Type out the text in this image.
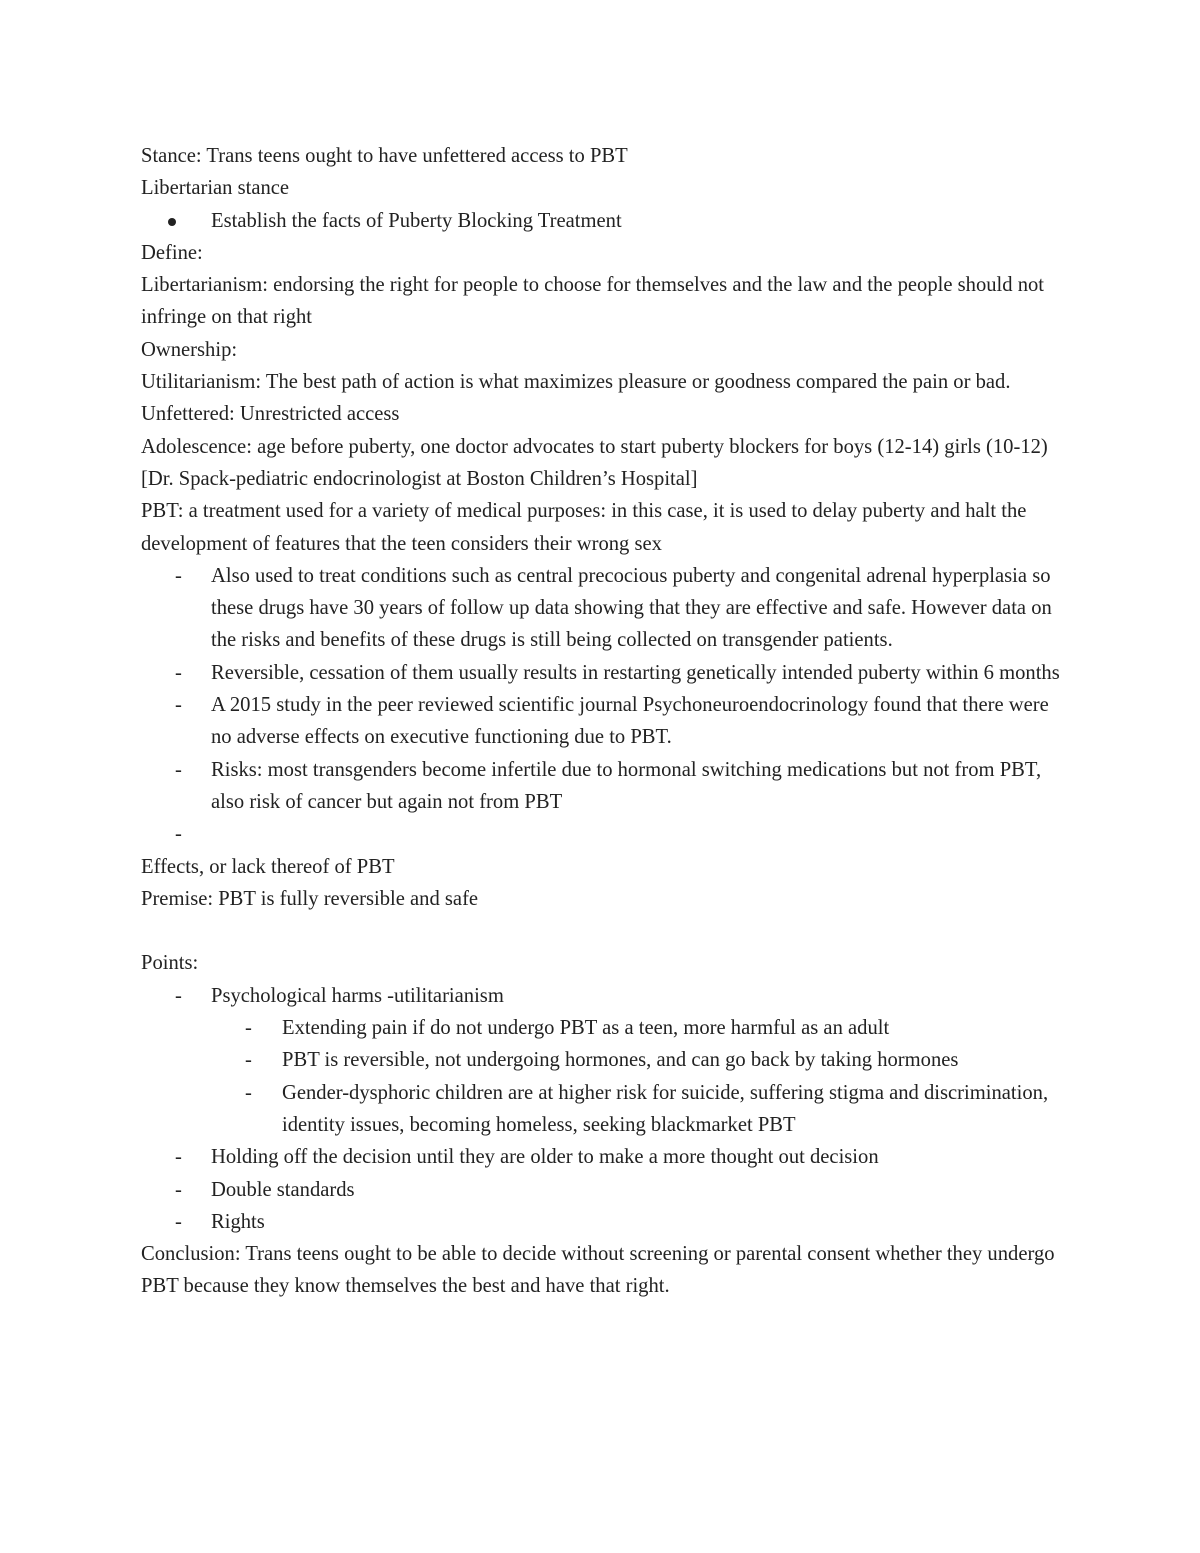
Stance: Trans teens ought to have unfettered access to PBT

Libertarian stance

Establish the facts of Puberty Blocking Treatment

Define:

Libertarianism: endorsing the right for people to choose for themselves and the law and the people should not infringe on that right

Ownership:

Utilitarianism: The best path of action is what maximizes pleasure or goodness compared the pain or bad.

Unfettered: Unrestricted access

Adolescence: age before puberty, one doctor advocates to start puberty blockers for boys (12-14) girls (10-12) [Dr. Spack-pediatric endocrinologist at Boston Children’s Hospital]

PBT: a treatment used for a variety of medical purposes: in this case, it is used to delay puberty and halt the development of features that the teen considers their wrong sex

-	Also used to treat conditions such as central precocious puberty and congenital adrenal hyperplasia so these drugs have 30 years of follow up data showing that they are effective and safe. However data on the risks and benefits of these drugs is still being collected on transgender patients.
-	Reversible, cessation of them usually results in restarting genetically intended puberty within 6 months
-	A 2015 study in the peer reviewed scientific journal Psychoneuroendocrinology found that there were no adverse effects on executive functioning due to PBT.
-	Risks: most transgenders become infertile due to hormonal switching medications but not from PBT, also risk of cancer but again not from PBT
-

Effects, or lack thereof of PBT

Premise: PBT is fully reversible and safe

Points:

-	Psychological harms -utilitarianism
-	Extending pain if do not undergo PBT as a teen, more harmful as an adult
-	PBT is reversible, not undergoing hormones, and can go back by taking hormones
-	Gender-dysphoric children are at higher risk for suicide, suffering stigma and discrimination, identity issues, becoming homeless, seeking blackmarket PBT
-	Holding off the decision until they are older to make a more thought out decision
-	Double standards
-	Rights

Conclusion: Trans teens ought to be able to decide without screening or parental consent whether they undergo PBT because they know themselves the best and have that right.
